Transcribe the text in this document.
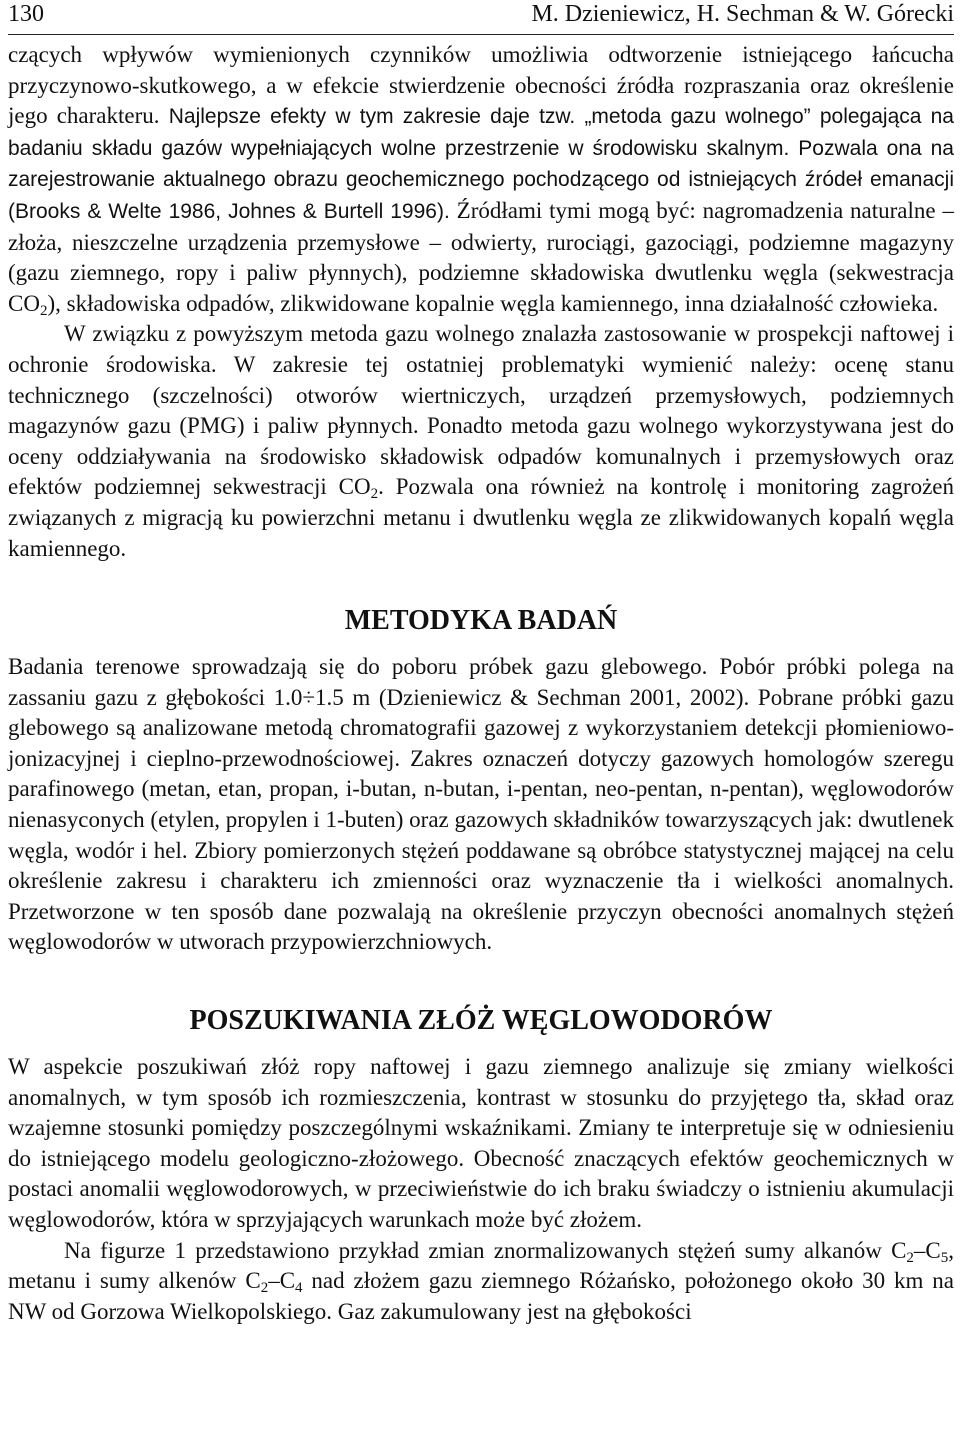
130	M. Dzieniewicz, H. Sechman & W. Górecki

czących wpływów wymienionych czynników umożliwia odtworzenie istniejącego łańcucha przyczynowo-skutkowego, a w efekcie stwierdzenie obecności źródła rozpraszania oraz określenie jego charakteru. Najlepsze efekty w tym zakresie daje tzw. „metoda gazu wolnego” polegająca na badaniu składu gazów wypełniających wolne przestrzenie w środowisku skalnym. Pozwala ona na zarejestrowanie aktualnego obrazu geochemicznego pochodzącego od istniejących źródeł emanacji (Brooks & Welte 1986, Johnes & Burtell 1996). Źródłami tymi mogą być: nagromadzenia naturalne – złoża, nieszczelne urządzenia przemysłowe – odwierty, rurociągi, gazociągi, podziemne magazyny (gazu ziemnego, ropy i paliw płynnych), podziemne składowiska dwutlenku węgla (sekwestracja $CO_2$), składowiska odpadów, zlikwidowane kopalnie węgla kamiennego, inna działalność człowieka.

W związku z powyższym metoda gazu wolnego znalazła zastosowanie w prospekcji naftowej i ochronie środowiska. W zakresie tej ostatniej problematyki wymienić należy: ocenę stanu technicznego (szczelności) otworów wiertniczych, urządzeń przemysłowych, podziemnych magazynów gazu (PMG) i paliw płynnych. Ponadto metoda gazu wolnego wykorzystywana jest do oceny oddziaływania na środowisko składowisk odpadów komunalnych i przemysłowych oraz efektów podziemnej sekwestracji $CO_2$. Pozwala ona również na kontrolę i monitoring zagrożeń związanych z migracją ku powierzchni metanu i dwutlenku węgla ze zlikwidowanych kopalń węgla kamiennego.

METODYKA BADAŃ

Badania terenowe sprowadzają się do poboru próbek gazu glebowego. Pobór próbki polega na zassaniu gazu z głębokości 1.0÷1.5 m (Dzieniewicz & Sechman 2001, 2002). Pobrane próbki gazu glebowego są analizowane metodą chromatografii gazowej z wykorzystaniem detekcji płomieniowo-jonizacyjnej i cieplno-przewodnościowej. Zakres oznaczeń dotyczy gazowych homologów szeregu parafinowego (metan, etan, propan, i-butan, n-butan, i-pentan, neo-pentan, n-pentan), węglowodorów nienasyconych (etylen, propylen i 1-buten) oraz gazowych składników towarzyszących jak: dwutlenek węgla, wodór i hel. Zbiory pomierzonych stężeń poddawane są obróbce statystycznej mającej na celu określenie zakresu i charakteru ich zmienności oraz wyznaczenie tła i wielkości anomalnych. Przetworzone w ten sposób dane pozwalają na określenie przyczyn obecności anomalnych stężeń węglowodorów w utworach przypowierzchniowych.

POSZUKIWANIA ZŁÓŻ WĘGLOWODORÓW

W aspekcie poszukiwań złóż ropy naftowej i gazu ziemnego analizuje się zmiany wielkości anomalnych, w tym sposób ich rozmieszczenia, kontrast w stosunku do przyjętego tła, skład oraz wzajemne stosunki pomiędzy poszczególnymi wskaźnikami. Zmiany te interpretuje się w odniesieniu do istniejącego modelu geologiczno-złożowego. Obecność znaczących efektów geochemicznych w postaci anomalii węglowodorowych, w przeciwieństwie do ich braku świadczy o istnieniu akumulacji węglowodorów, która w sprzyjających warunkach może być złożem.

Na figurze 1 przedstawiono przykład zmian znormalizowanych stężeń sumy alkanów $C_2-C_5$, metanu i sumy alkenów $C_2-C_4$ nad złożem gazu ziemnego Różańsko, położonego około 30 km na NW od Gorzowa Wielkopolskiego. Gaz zakumulowany jest na głębokości
